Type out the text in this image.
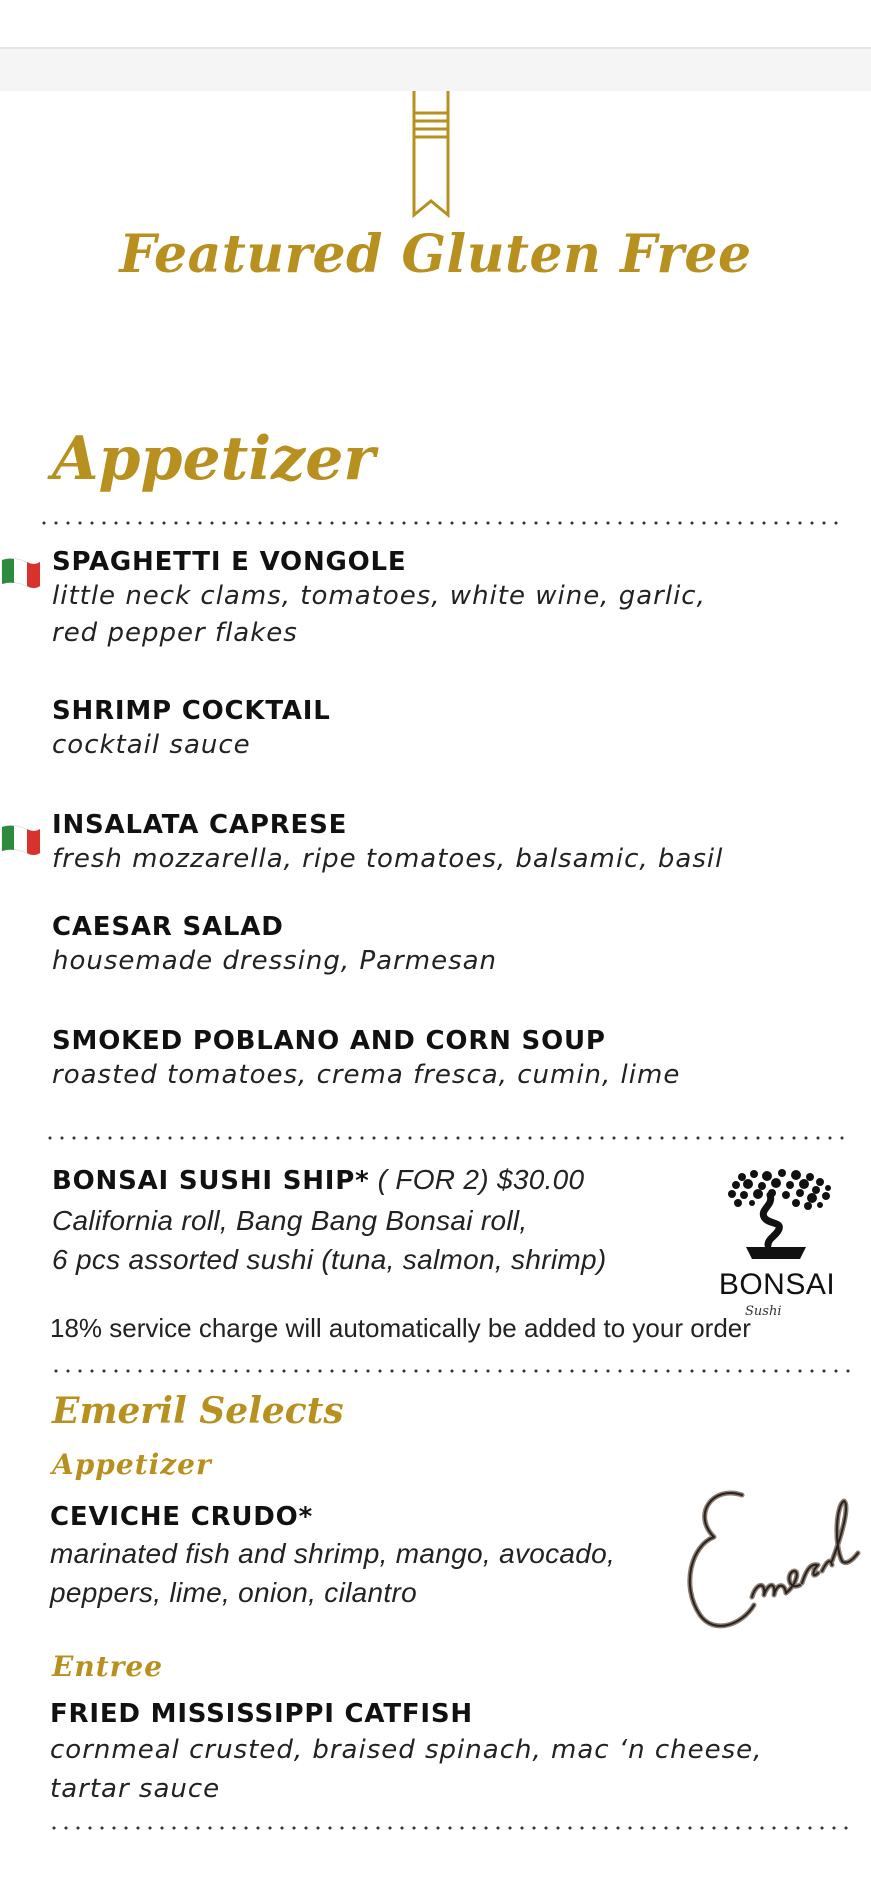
Featured Gluten Free
Appetizer
SPAGHETTI E VONGOLE
little neck clams, tomatoes, white wine, garlic,
red pepper flakes
SHRIMP COCKTAIL
cocktail sauce
INSALATA CAPRESE
fresh mozzarella, ripe tomatoes, balsamic, basil
CAESAR SALAD
housemade dressing, Parmesan
SMOKED POBLANO AND CORN SOUP
roasted tomatoes, crema fresca, cumin, lime
BONSAI SUSHI SHIP* ( FOR 2) $30.00
California roll, Bang Bang Bonsai roll,
6 pcs assorted sushi (tuna, salmon, shrimp)
BONSAI
Sushi
18% service charge will automatically be added to your order
Emeril Selects
Appetizer
CEVICHE CRUDO*
marinated fish and shrimp, mango, avocado,
peppers, lime, onion, cilantro
Entree
FRIED MISSISSIPPI CATFISH
cornmeal crusted, braised spinach, mac ‘n cheese,
tartar sauce
